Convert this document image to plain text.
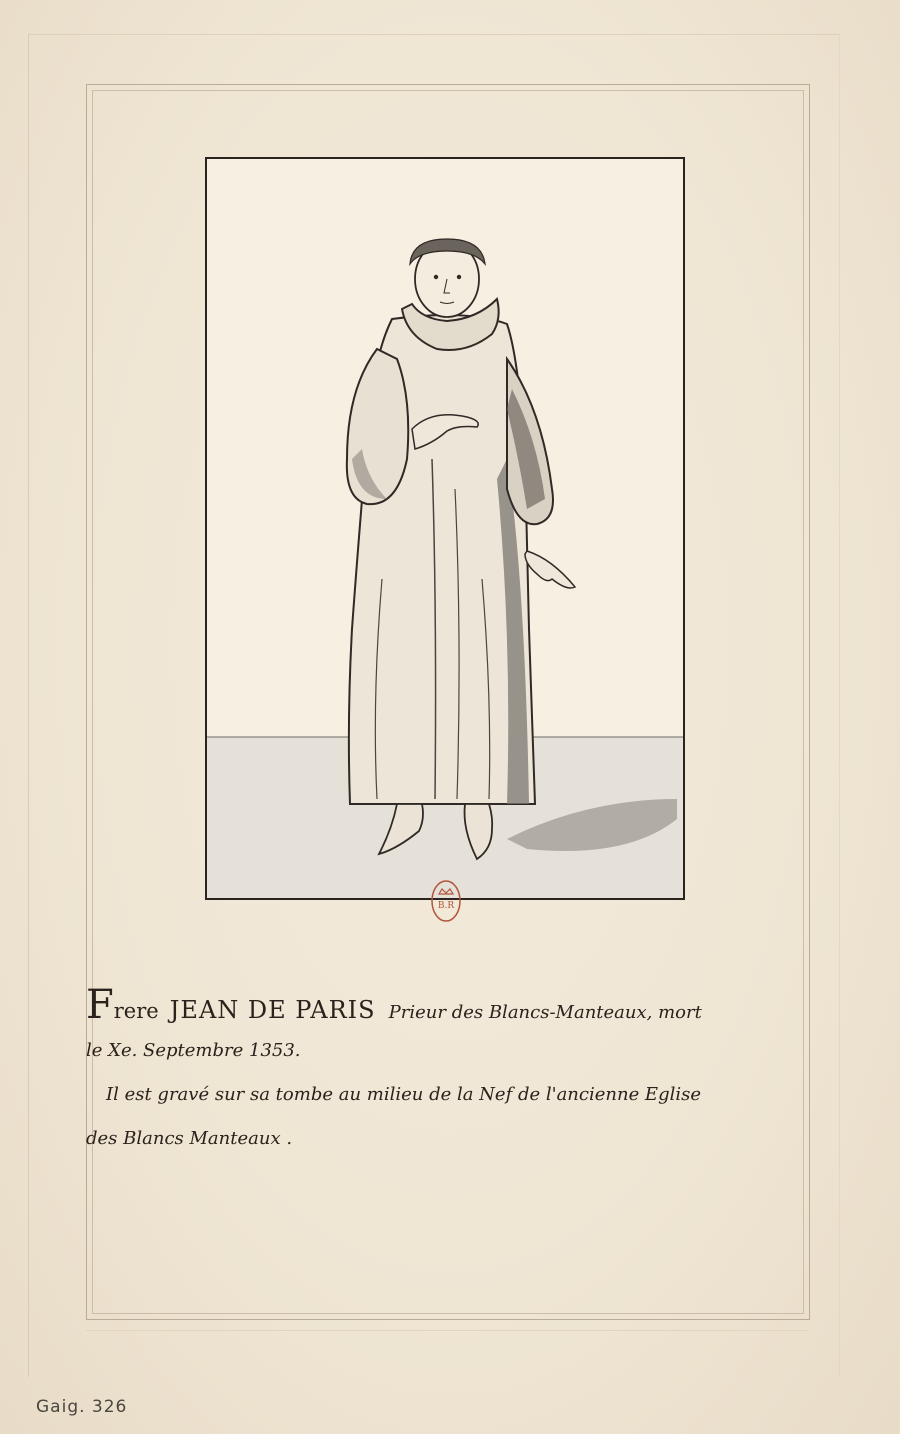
B.R
Frere JEAN DE PARIS Prieur des Blancs-Manteaux, mort
le Xe. Septembre 1353.
Il est gravé sur sa tombe au milieu de la Nef de l'ancienne Eglise
des Blancs Manteaux .
Gaig. 326
